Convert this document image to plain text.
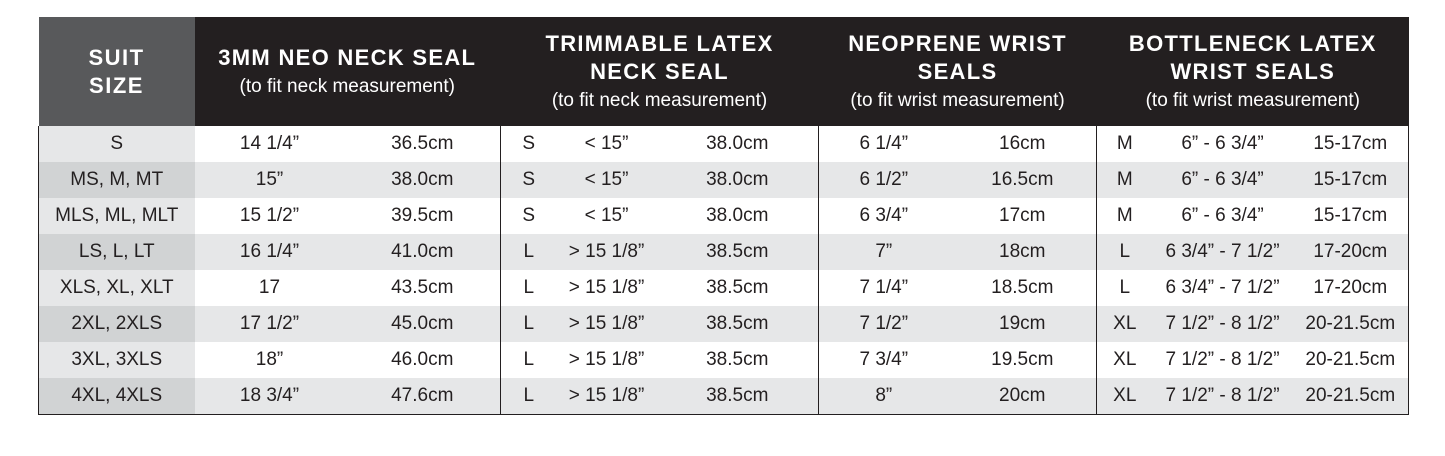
SUIT SIZE	3MM NEO NECK SEAL
(to fit neck measurement)		TRIMMABLE LATEX NECK SEAL
(to fit neck measurement)			NEOPRENE WRIST SEALS
(to fit wrist measurement)		BOTTLENECK LATEX WRIST SEALS
(to fit wrist measurement)		

S	14 1/4”	36.5cm	S	< 15”	38.0cm	6 1/4”	16cm	M	6” - 6 3/4”	15-17cm
MS, M, MT	15”	38.0cm	S	< 15”	38.0cm	6 1/2”	16.5cm	M	6” - 6 3/4”	15-17cm
MLS, ML, MLT	15 1/2”	39.5cm	S	< 15”	38.0cm	6 3/4”	17cm	M	6” - 6 3/4”	15-17cm
LS, L, LT	16 1/4”	41.0cm	L	> 15 1/8”	38.5cm	7”	18cm	L	6 3/4” - 7 1/2”	17-20cm
XLS, XL, XLT	17	43.5cm	L	> 15 1/8”	38.5cm	7 1/4”	18.5cm	L	6 3/4” - 7 1/2”	17-20cm
2XL, 2XLS	17 1/2”	45.0cm	L	> 15 1/8”	38.5cm	7 1/2”	19cm	XL	7 1/2” - 8 1/2”	20-21.5cm
3XL, 3XLS	18”	46.0cm	L	> 15 1/8”	38.5cm	7 3/4”	19.5cm	XL	7 1/2” - 8 1/2”	20-21.5cm
4XL, 4XLS	18 3/4”	47.6cm	L	> 15 1/8”	38.5cm	8”	20cm	XL	7 1/2” - 8 1/2”	20-21.5cm
